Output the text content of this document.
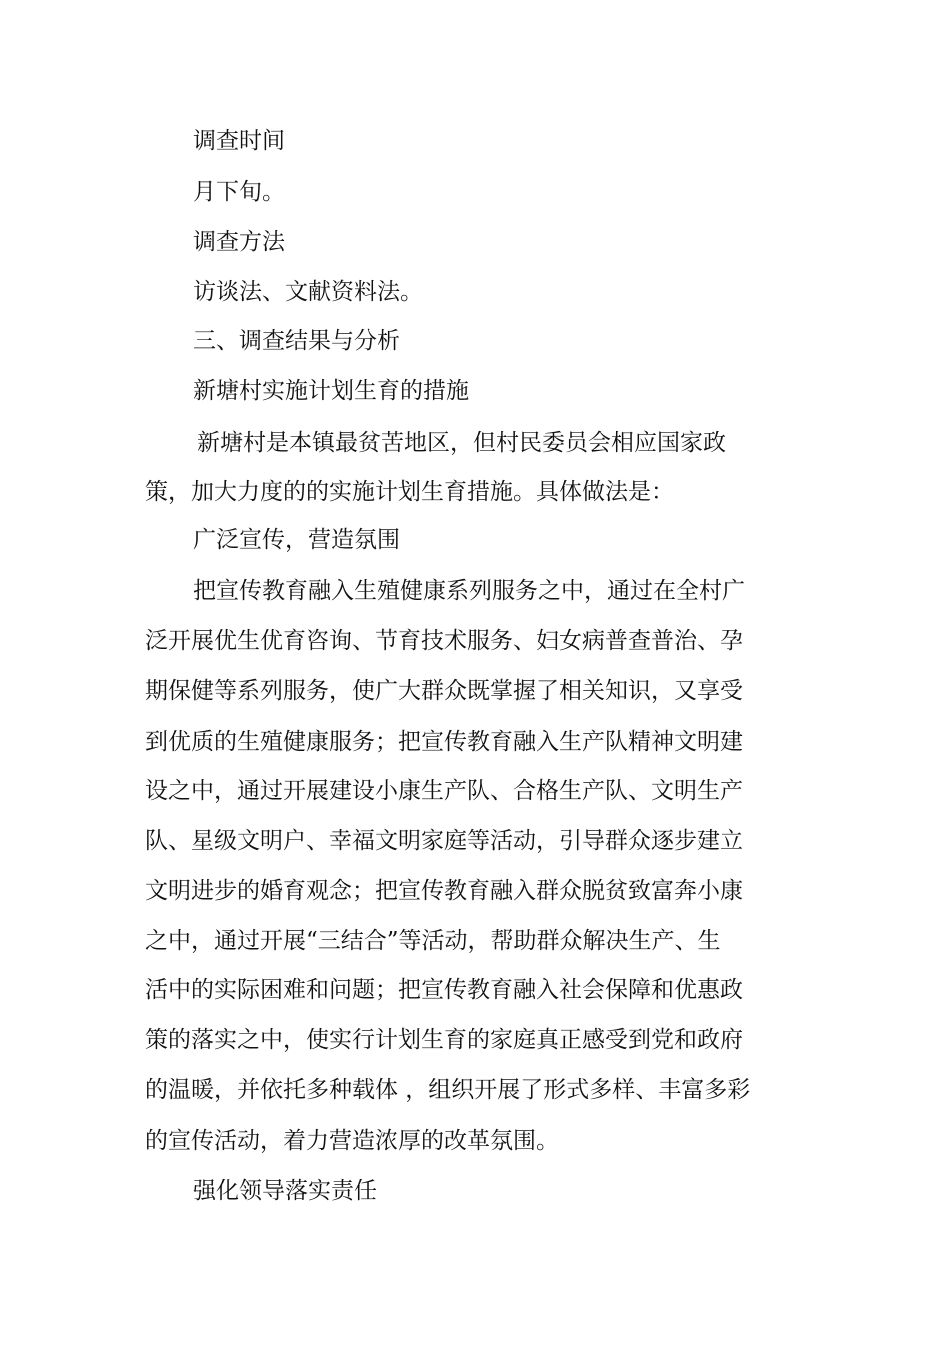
调查时间
月下旬。
调查方法
访谈法、文献资料法。
三、调查结果与分析
新塘村实施计划生育的措施
新塘村是本镇最贫苦地区，但村民委员会相应国家政
策，加大力度的的实施计划生育措施。具体做法是：
广泛宣传，营造氛围
把宣传教育融入生殖健康系列服务之中，通过在全村广
泛开展优生优育咨询、节育技术服务、妇女病普查普治、孕
期保健等系列服务，使广大群众既掌握了相关知识，又享受
到优质的生殖健康服务；把宣传教育融入生产队精神文明建
设之中，通过开展建设小康生产队、合格生产队、文明生产
队、星级文明户、幸福文明家庭等活动，引导群众逐步建立
文明进步的婚育观念；把宣传教育融入群众脱贫致富奔小康
之中，通过开展“三结合”等活动，帮助群众解决生产、生
活中的实际困难和问题；把宣传教育融入社会保障和优惠政
策的落实之中，使实行计划生育的家庭真正感受到党和政府
的温暖，并依托多种载体 ，组织开展了形式多样、丰富多彩
的宣传活动，着力营造浓厚的改革氛围。
强化领导落实责任
